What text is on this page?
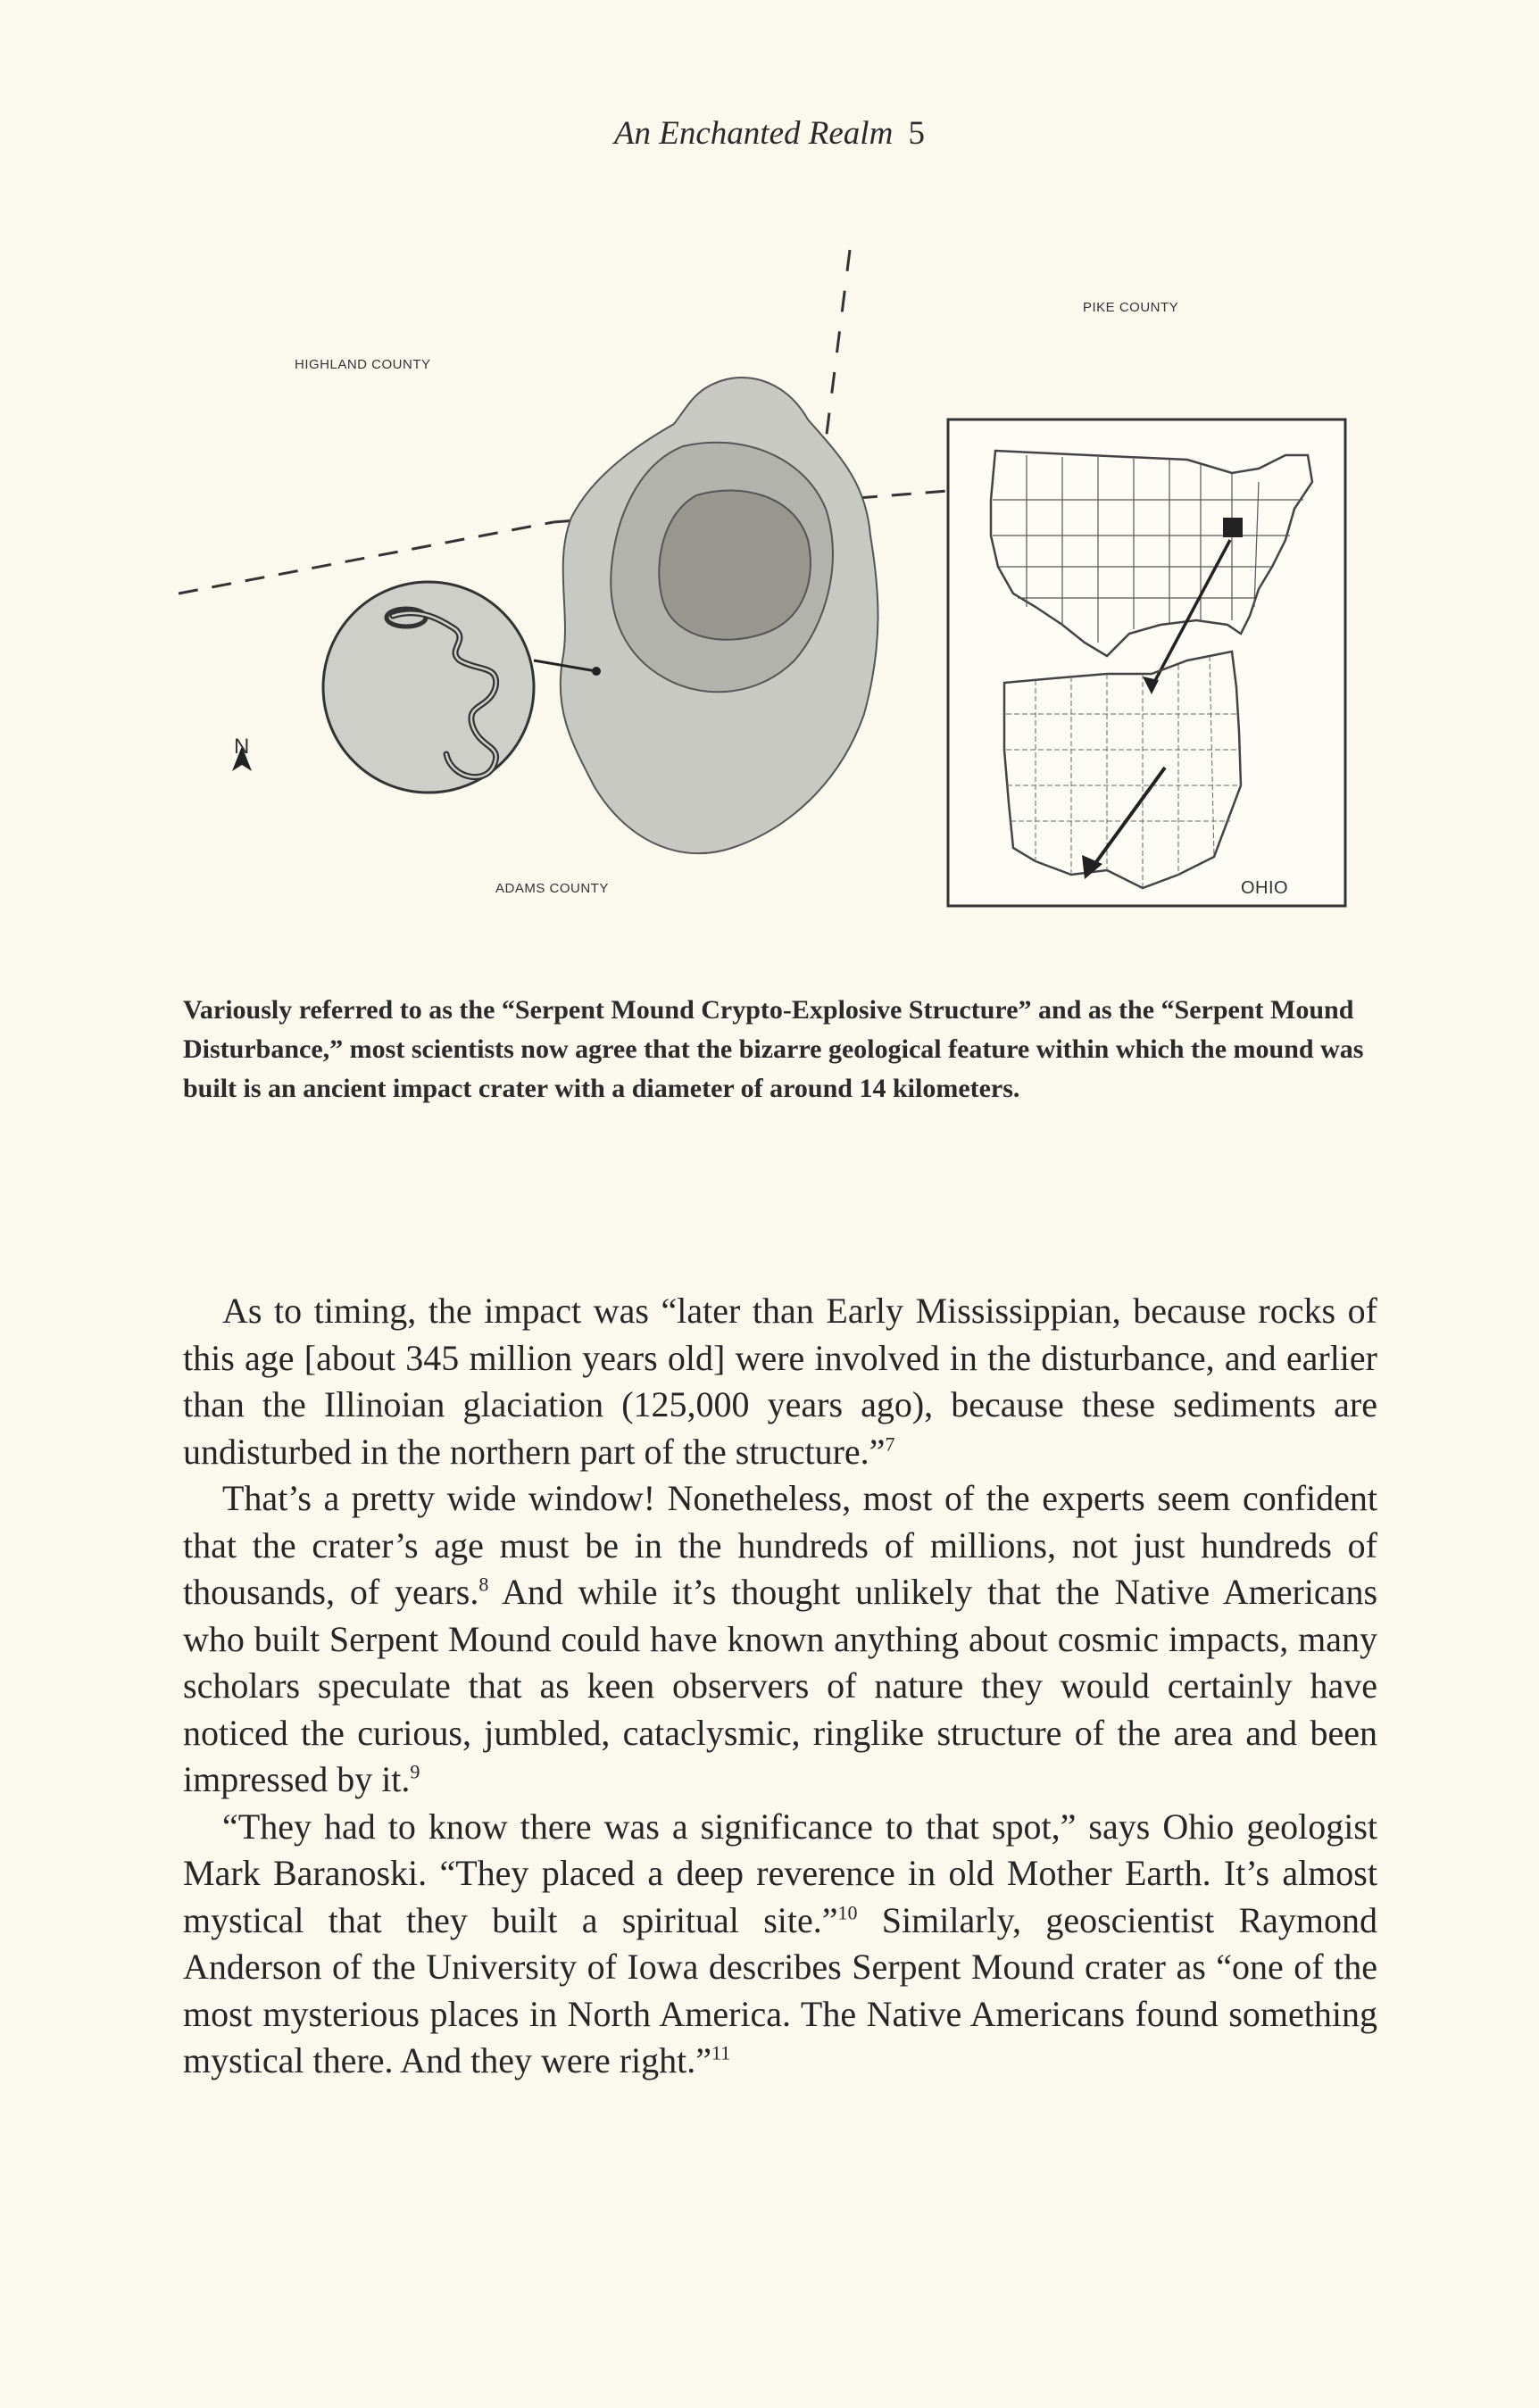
An Enchanted Realm 5
HIGHLAND COUNTY
PIKE COUNTY
ADAMS COUNTY	OHIO
N

Variously referred to as the “Serpent Mound Crypto-Explosive Structure” and as the “Serpent Mound Disturbance,” most scientists now agree that the bizarre geological feature within which the mound was built is an ancient impact crater with a diameter of around 14 kilometers.

As to timing, the impact was “later than Early Mississippian, because rocks of this age [about 345 million years old] were involved in the disturbance, and earlier than the Illinoian glaciation (125,000 years ago), because these sediments are undisturbed in the northern part of the structure.”$^7$

That’s a pretty wide window! Nonetheless, most of the experts seem confident that the crater’s age must be in the hundreds of millions, not just hundreds of thousands, of years.$^8$ And while it’s thought unlikely that the Native Americans who built Serpent Mound could have known anything about cosmic impacts, many scholars speculate that as keen observers of nature they would certainly have noticed the curious, jumbled, cataclysmic, ringlike structure of the area and been impressed by it.$^9$

“They had to know there was a significance to that spot,” says Ohio geologist Mark Baranoski. “They placed a deep reverence in old Mother Earth. It’s almost mystical that they built a spiritual site.”$^{10}$ Similarly, geoscientist Raymond Anderson of the University of Iowa describes Serpent Mound crater as “one of the most mysterious places in North America. The Native Americans found something mystical there. And they were right.”$^{11}$
